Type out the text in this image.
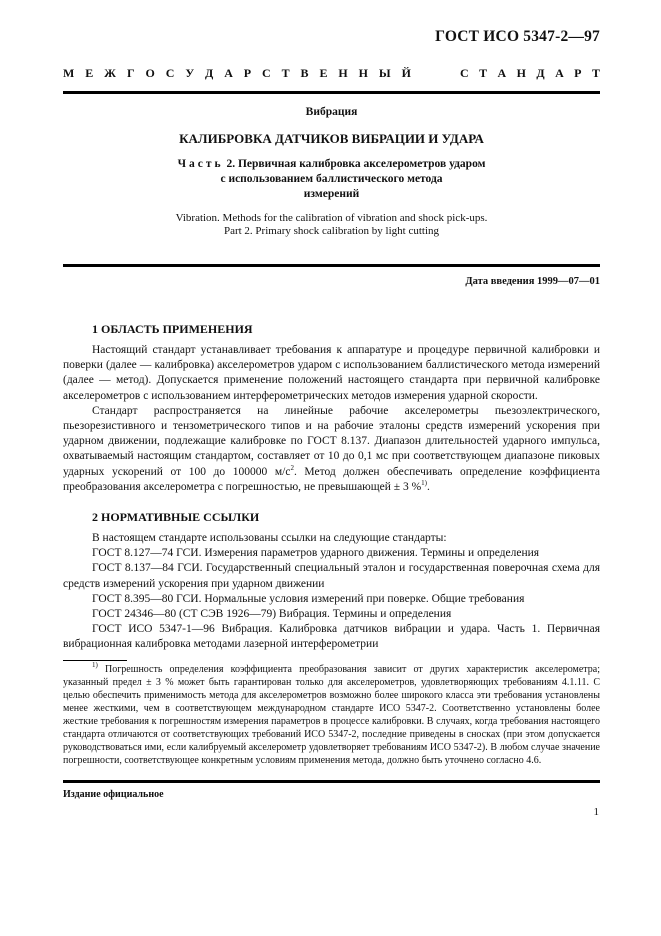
ГОСТ ИСО 5347-2—97
М Е Ж Г О С У Д А Р С Т В Е Н Н Ы Й	С Т А Н Д А Р Т
Вибрация
КАЛИБРОВКА ДАТЧИКОВ ВИБРАЦИИ И УДАРА
Часть 2. Первичная калибровка акселерометров ударом
с использованием баллистического метода
измерений
Vibration. Methods for the calibration of vibration and shock pick-ups.
Part 2. Primary shock calibration by light cutting
Дата введения 1999—07—01
1 ОБЛАСТЬ ПРИМЕНЕНИЯ

Настоящий стандарт устанавливает требования к аппаратуре и процедуре первичной калибровки и поверки (далее — калибровка) акселерометров ударом с использованием баллистического метода измерений (далее — метод). Допускается применение положений настоящего стандарта при первичной калибровке акселерометров с использованием интерферометрических методов измерения ударной скорости.

Стандарт распространяется на линейные рабочие акселерометры пьезоэлектрического, пьезорезистивного и тензометрического типов и на рабочие эталоны средств измерений ускорения при ударном движении, подлежащие калибровке по ГОСТ 8.137. Диапазон длительностей ударного импульса, охватываемый настоящим стандартом, составляет от 10 до 0,1 мс при соответствующем диапазоне пиковых ударных ускорений от 100 до 100000 $м/с^2$. Метод должен обеспечивать определение коэффициента преобразования акселерометра с погрешностью, не превышающей ± 3 %$^{1)}$.

2 НОРМАТИВНЫЕ ССЫЛКИ

В настоящем стандарте использованы ссылки на следующие стандарты:

ГОСТ 8.127—74 ГСИ. Измерения параметров ударного движения. Термины и определения

ГОСТ 8.137—84 ГСИ. Государственный специальный эталон и государственная поверочная схема для средств измерений ускорения при ударном движении

ГОСТ 8.395—80 ГСИ. Нормальные условия измерений при поверке. Общие требования

ГОСТ 24346—80 (СТ СЭВ 1926—79) Вибрация. Термины и определения

ГОСТ ИСО 5347-1—96 Вибрация. Калибровка датчиков вибрации и удара. Часть 1. Первичная вибрационная калибровка методами лазерной интерферометрии

$^{1)}$ Погрешность определения коэффициента преобразования зависит от других характеристик акселерометра; указанный предел ± 3 % может быть гарантирован только для акселерометров, удовлетворяющих требованиям 4.1.11. С целью обеспечить применимость метода для акселерометров возможно более широкого класса эти требования установлены менее жесткими, чем в соответствующем международном стандарте ИСО 5347-2. Соответственно установлены более жесткие требования к погрешностям измерения параметров в процессе калибровки. В случаях, когда требования настоящего стандарта отличаются от соответствующих требований ИСО 5347-2, последние приведены в сносках (при этом допускается руководствоваться ими, если калибруемый акселерометр удовлетворяет требованиям ИСО 5347-2). В любом случае значение погрешности, соответствующее конкретным условиям применения метода, должно быть уточнено согласно 4.6.

Издание официальное
1
